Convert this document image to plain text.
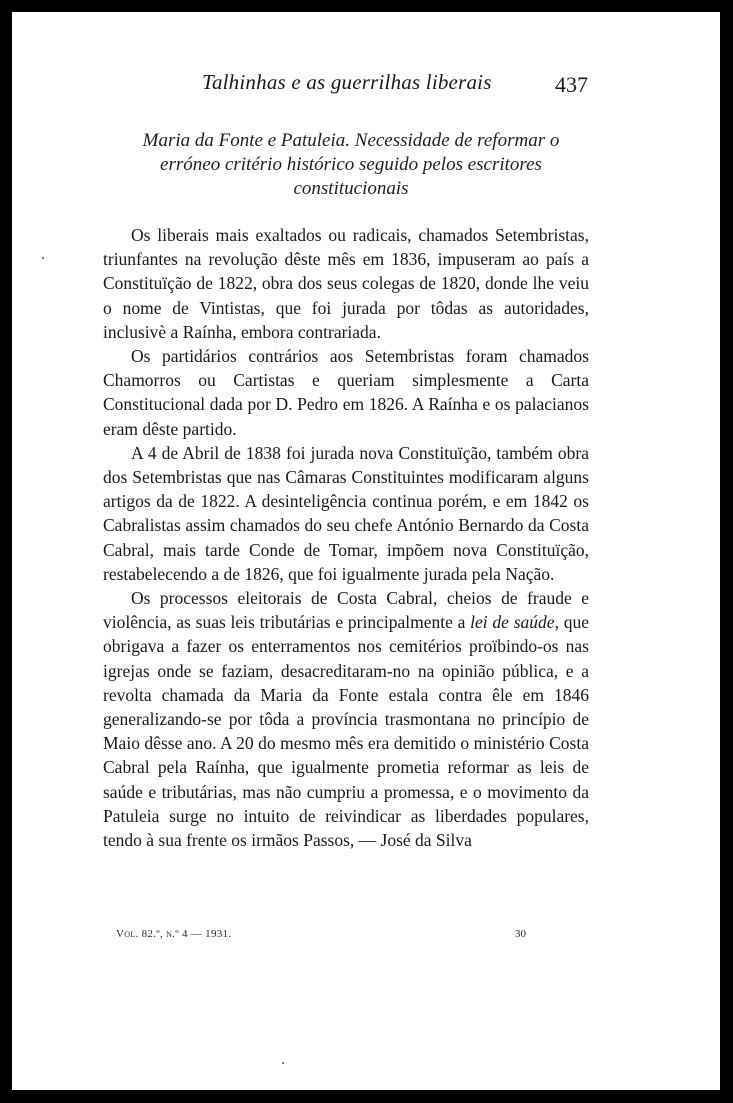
Talhinhas e as guerrilhas liberais	437
Maria da Fonte e Patuleia. Necessidade de reformar o erróneo critério histórico seguido pelos escritores constitucionais

Os liberais mais exaltados ou radicais, chamados Setembristas, triunfantes na revolução dêste mês em 1836, impuseram ao país a Constituïção de 1822, obra dos seus colegas de 1820, donde lhe veiu o nome de Vintistas, que foi jurada por tôdas as autoridades, inclusivè a Raínha, embora contrariada.

Os partidários contrários aos Setembristas foram chamados Chamorros ou Cartistas e queriam simplesmente a Carta Constitucional dada por D. Pedro em 1826. A Raínha e os palacianos eram dêste partido.

A 4 de Abril de 1838 foi jurada nova Constituïção, também obra dos Setembristas que nas Câmaras Constituintes modificaram alguns artigos da de 1822. A desinteligência continua porém, e em 1842 os Cabralistas assim chamados do seu chefe António Bernardo da Costa Cabral, mais tarde Conde de Tomar, impõem nova Constituïção, restabelecendo a de 1826, que foi igualmente jurada pela Nação.

Os processos eleitorais de Costa Cabral, cheios de fraude e violência, as suas leis tributárias e principalmente a lei de saúde, que obrigava a fazer os enterramentos nos cemitérios proïbindo-os nas igrejas onde se faziam, desacreditaram-no na opinião pública, e a revolta chamada da Maria da Fonte estala contra êle em 1846 generalizando-se por tôda a província trasmontana no princípio de Maio dêsse ano. A 20 do mesmo mês era demitido o ministério Costa Cabral pela Raínha, que igualmente prometia reformar as leis de saúde e tributárias, mas não cumpriu a promessa, e o movimento da Patuleia surge no intuito de reivindicar as liberdades populares, tendo à sua frente os irmãos Passos, — José da Silva

Vol. 82.º, n.º 4 — 1931.	30
